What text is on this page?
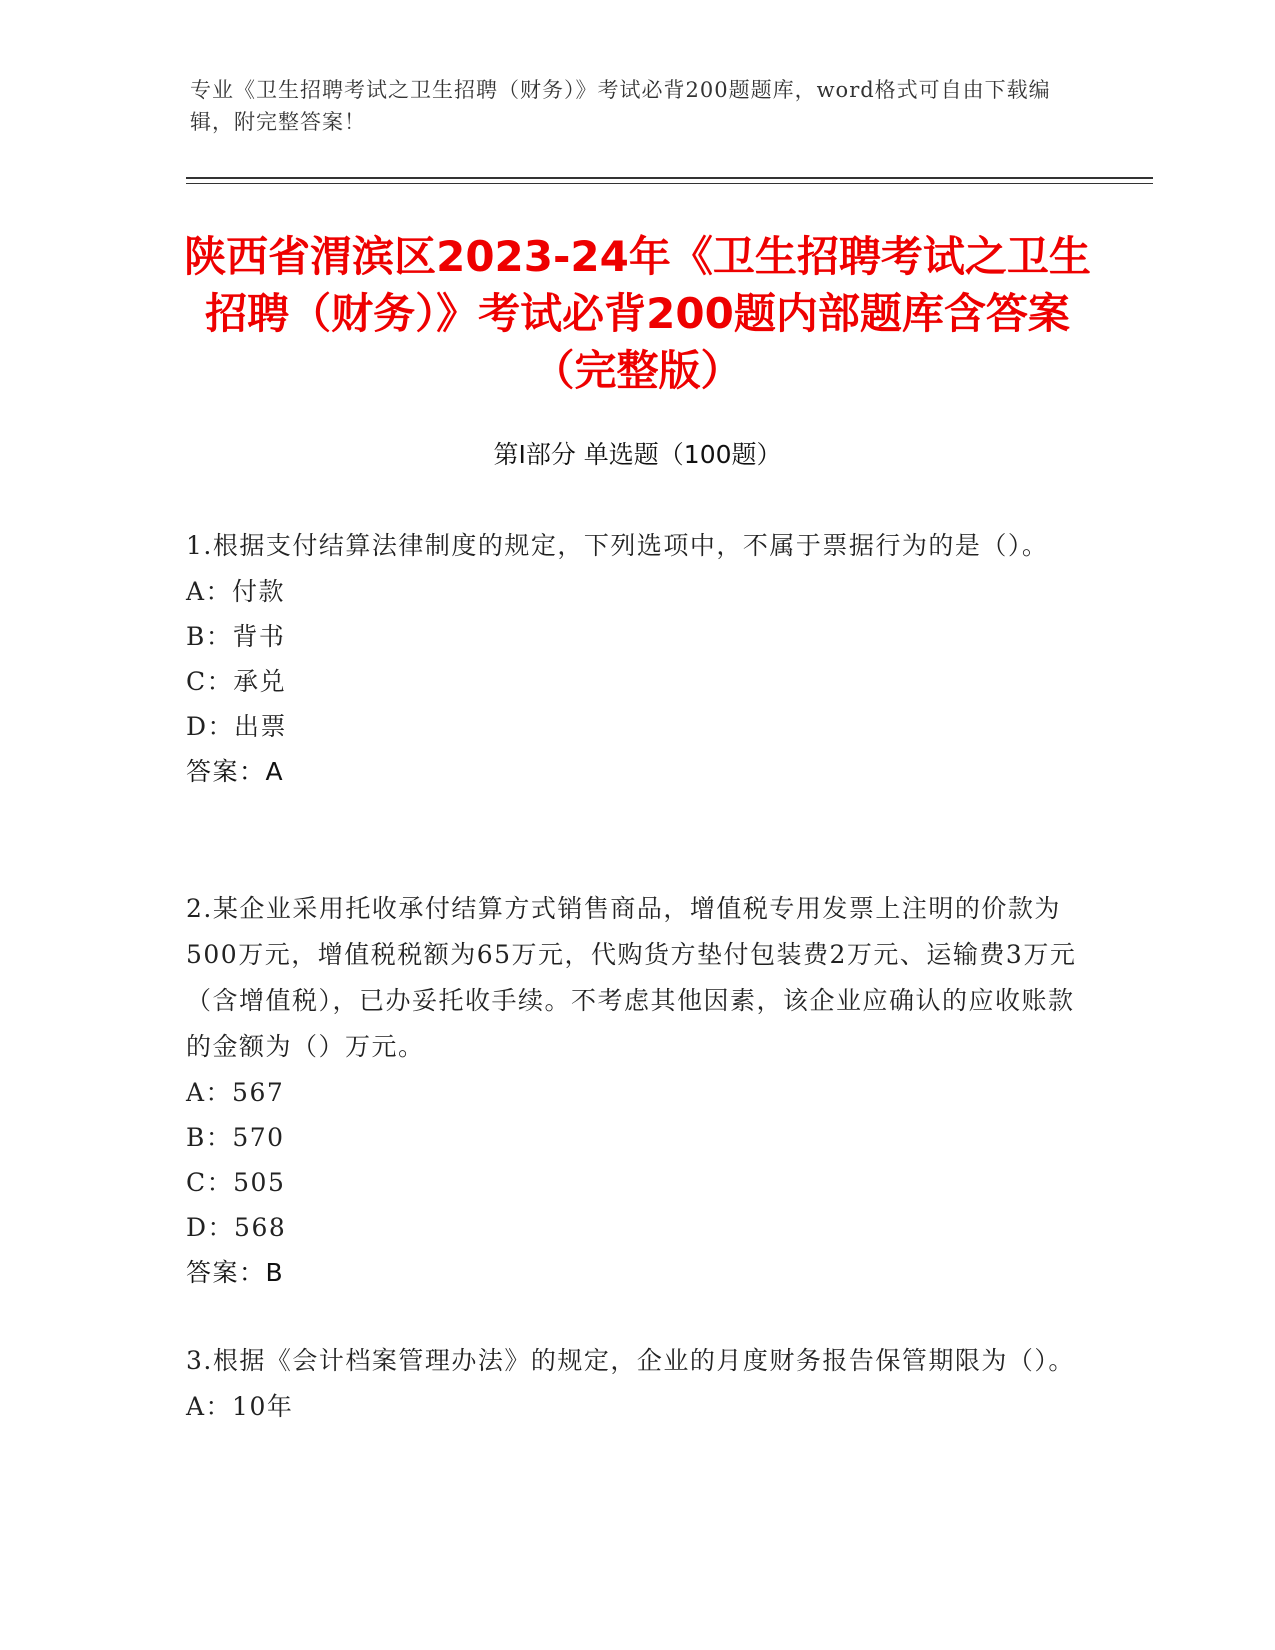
专业《卫生招聘考试之卫生招聘（财务）》考试必背200题题库，word格式可自由下载编辑，附完整答案！
陕西省渭滨区2023-24年《卫生招聘考试之卫生招聘（财务）》考试必背200题内部题库含答案（完整版）
第Ⅰ部分 单选题（100题）

1.根据支付结算法律制度的规定，下列选项中，不属于票据行为的是（）。

A：付款

B：背书

C：承兑

D：出票

答案：A

2.某企业采用托收承付结算方式销售商品，增值税专用发票上注明的价款为500万元，增值税税额为65万元，代购货方垫付包装费2万元、运输费3万元（含增值税），已办妥托收手续。不考虑其他因素，该企业应确认的应收账款的金额为（）万元。

A：567

B：570

C：505

D：568

答案：B

3.根据《会计档案管理办法》的规定，企业的月度财务报告保管期限为（）。

A：10年
